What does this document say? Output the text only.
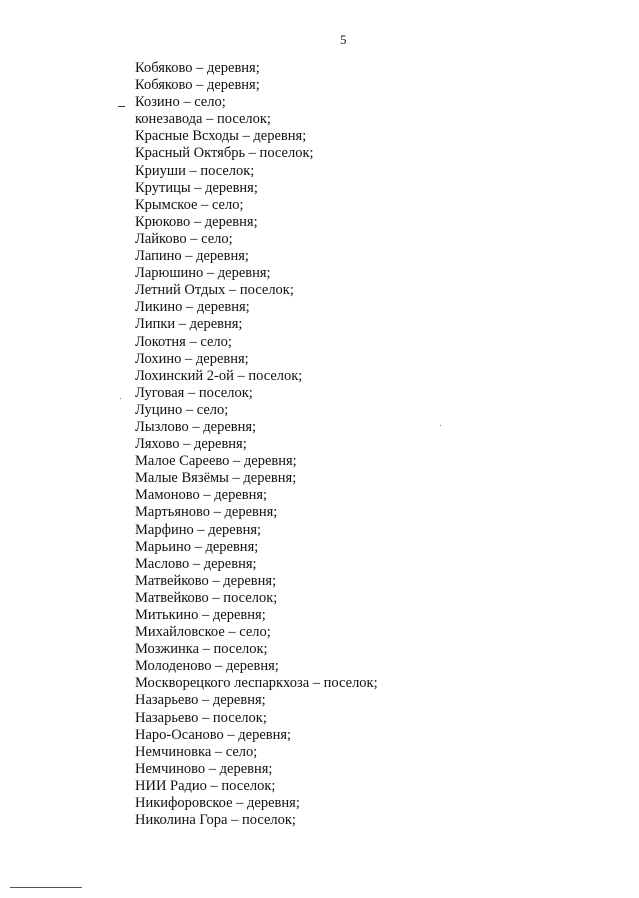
5
Кобяково – деревня;
Кобяково – деревня;
Козино – село;
конезавода – поселок;
Красные Всходы – деревня;
Красный Октябрь – поселок;
Криуши – поселок;
Крутицы – деревня;
Крымское – село;
Крюково – деревня;
Лайково – село;
Лапино – деревня;
Ларюшино – деревня;
Летний Отдых – поселок;
Ликино – деревня;
Липки – деревня;
Локотня – село;
Лохино – деревня;
Лохинский 2-ой – поселок;
Луговая – поселок;
Луцино – село;
Лызлово – деревня;
Ляхово – деревня;
Малое Сареево – деревня;
Малые Вязёмы – деревня;
Мамоново – деревня;
Мартьяново – деревня;
Марфино – деревня;
Марьино – деревня;
Маслово – деревня;
Матвейково – деревня;
Матвейково – поселок;
Митькино – деревня;
Михайловское – село;
Мозжинка – поселок;
Молоденово – деревня;
Москворецкого леспаркхоза – поселок;
Назарьево – деревня;
Назарьево – поселок;
Наро-Осаново – деревня;
Немчиновка – село;
Немчиново – деревня;
НИИ Радио – поселок;
Никифоровское – деревня;
Николина Гора – поселок;
